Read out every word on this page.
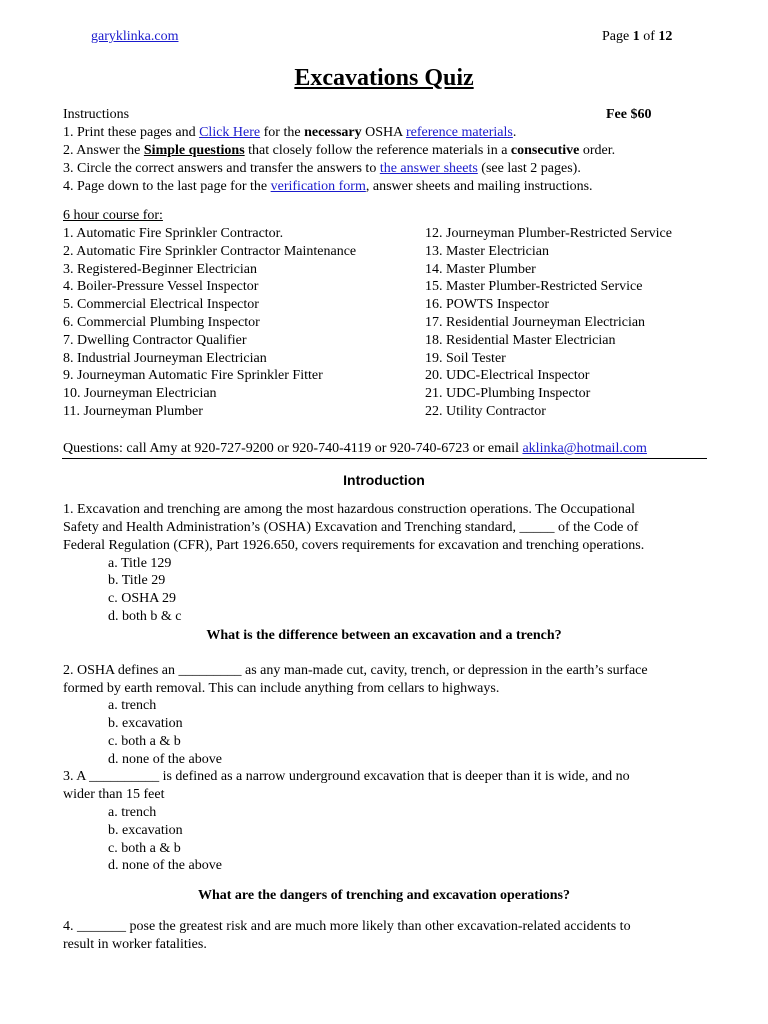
garyklinka.com	Page 1 of 12
Excavations Quiz
Instructions	Fee $60
1. Print these pages and Click Here for the necessary OSHA reference materials.
2. Answer the Simple questions that closely follow the reference materials in a consecutive order.
3. Circle the correct answers and transfer the answers to the answer sheets (see last 2 pages).
4. Page down to the last page for the verification form, answer sheets and mailing instructions.
6 hour course for:
1. Automatic Fire Sprinkler Contractor.
2. Automatic Fire Sprinkler Contractor Maintenance
3. Registered-Beginner Electrician
4. Boiler-Pressure Vessel Inspector
5. Commercial Electrical Inspector
6. Commercial Plumbing Inspector
7. Dwelling Contractor Qualifier
8. Industrial Journeyman Electrician
9. Journeyman Automatic Fire Sprinkler Fitter
10. Journeyman Electrician
11. Journeyman Plumber
12. Journeyman Plumber-Restricted Service
13. Master Electrician
14. Master Plumber
15. Master Plumber-Restricted Service
16. POWTS Inspector
17. Residential Journeyman Electrician
18. Residential Master Electrician
19. Soil Tester
20. UDC-Electrical Inspector
21. UDC-Plumbing Inspector
22. Utility Contractor
Questions: call Amy at 920-727-9200 or 920-740-4119 or 920-740-6723 or email aklinka@hotmail.com
Introduction
1. Excavation and trenching are among the most hazardous construction operations. The Occupational
Safety and Health Administration’s (OSHA) Excavation and Trenching standard, _____ of the Code of
Federal Regulation (CFR), Part 1926.650, covers requirements for excavation and trenching operations.
a. Title 129
b. Title 29
c. OSHA 29
d. both b & c
What is the difference between an excavation and a trench?
2. OSHA defines an _________ as any man-made cut, cavity, trench, or depression in the earth’s surface
formed by earth removal. This can include anything from cellars to highways.
a. trench
b. excavation
c. both a & b
d. none of the above
3. A __________ is defined as a narrow underground excavation that is deeper than it is wide, and no
wider than 15 feet
a. trench
b. excavation
c. both a & b
d. none of the above
What are the dangers of trenching and excavation operations?
4. _______ pose the greatest risk and are much more likely than other excavation-related accidents to
result in worker fatalities.
